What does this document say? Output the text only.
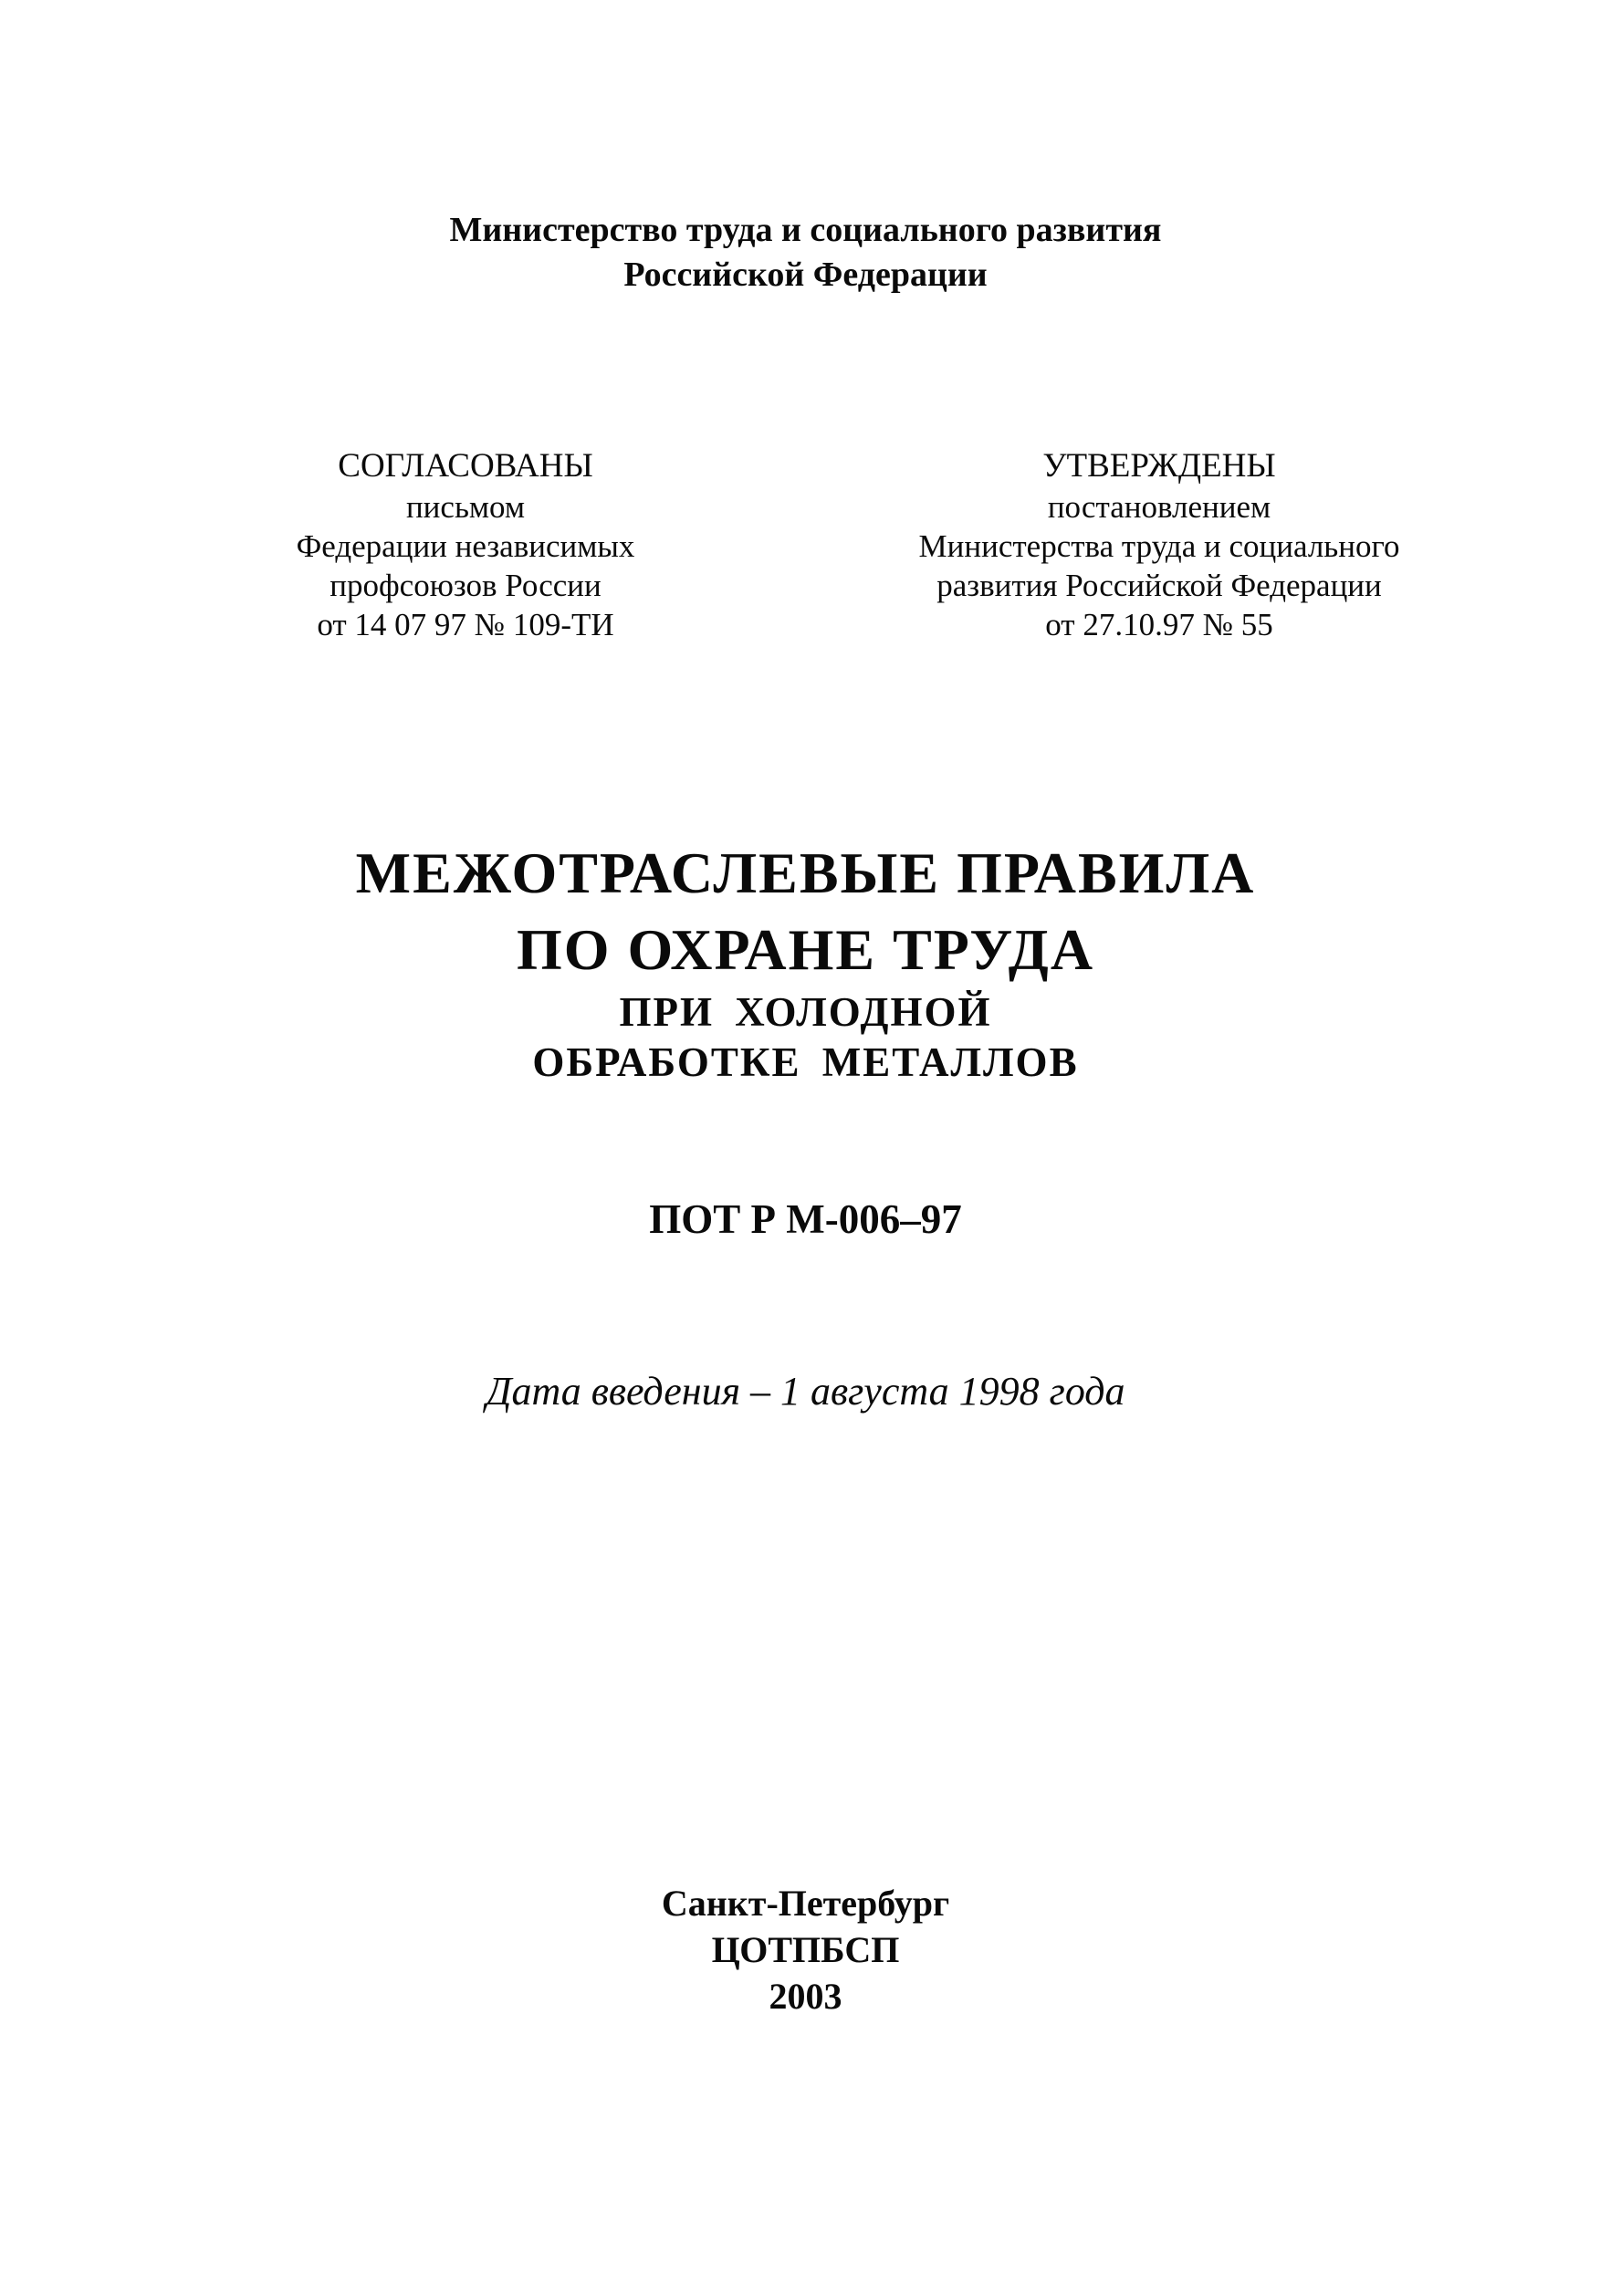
Министерство труда и социального развития
Российской Федерации
СОГЛАСОВАНЫ
письмом
Федерации независимых
профсоюзов России
от 14 07 97 № 109-ТИ
УТВЕРЖДЕНЫ
постановлением
Министерства труда и социального
развития Российской Федерации
от 27.10.97 № 55
МЕЖОТРАСЛЕВЫЕ ПРАВИЛА
ПО ОХРАНЕ ТРУДА
ПРИ ХОЛОДНОЙ
ОБРАБОТКЕ МЕТАЛЛОВ
ПОТ Р М-006–97
Дата введения – 1 августа 1998 года
Санкт-Петербург
ЦОТПБСП
2003
